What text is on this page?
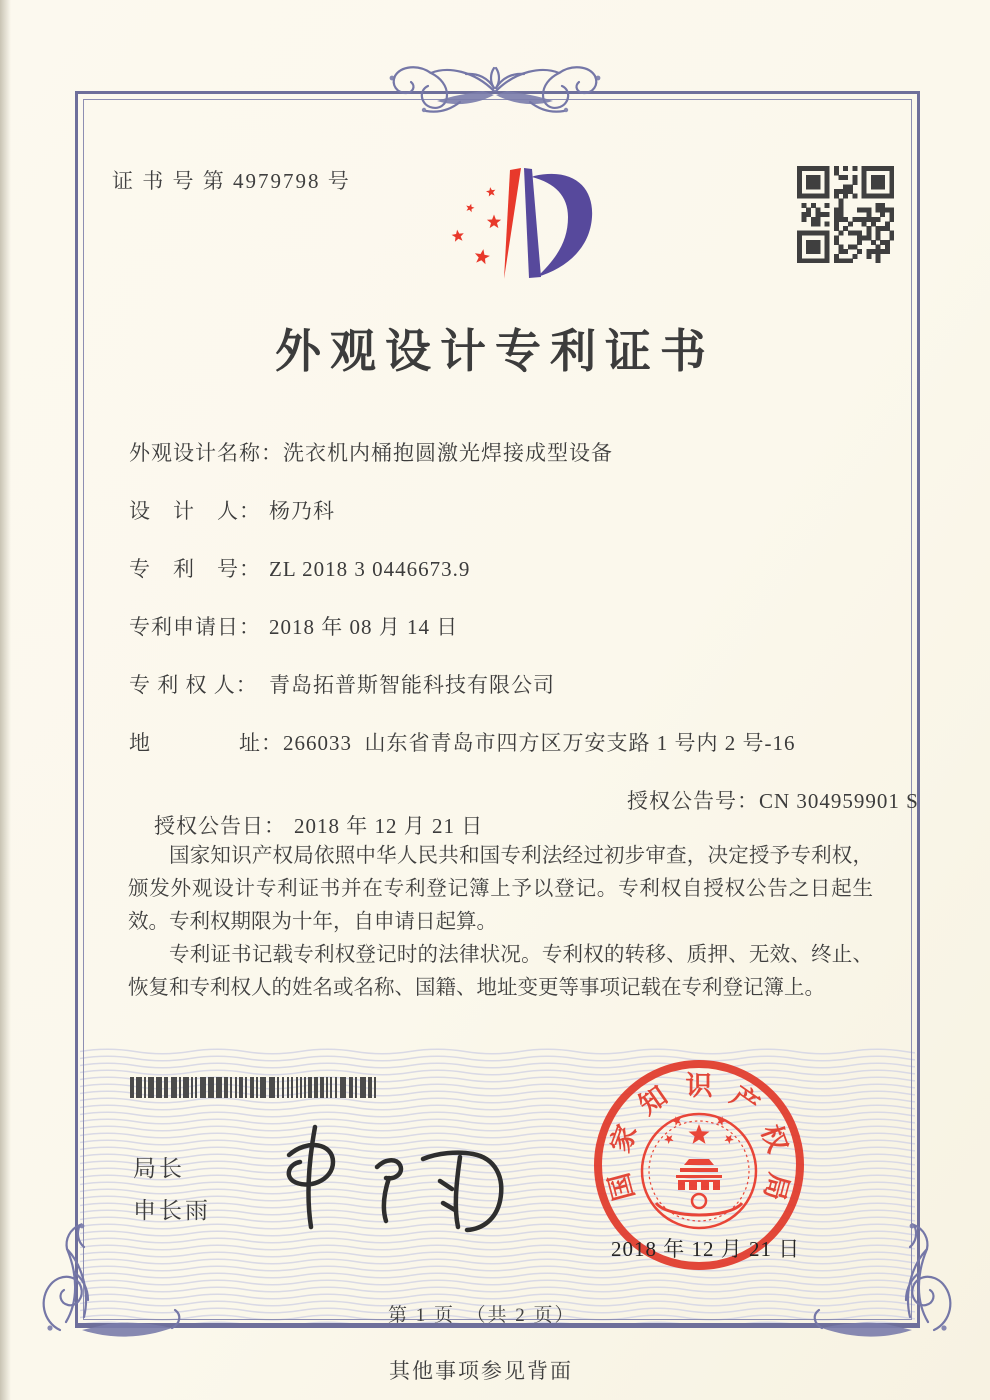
证 书 号 第 4979798 号
外观设计专利证书
外观设计名称：洗衣机内桶抱圆激光焊接成型设备
设　计　人： 杨乃科
专　利　号： ZL 2018 3 0446673.9
专利申请日： 2018 年 08 月 14 日
专 利 权 人： 青岛拓普斯智能科技有限公司
地　　　　址：266033  山东省青岛市四方区万安支路 1 号内 2 号-16

授权公告日： 2018 年 12 月 21 日

授权公告号：CN 304959901 S

国家知识产权局依照中华人民共和国专利法经过初步审查，决定授予专利权，颁发外观设计专利证书并在专利登记簿上予以登记。专利权自授权公告之日起生效。专利权期限为十年，自申请日起算。

专利证书记载专利权登记时的法律状况。专利权的转移、质押、无效、终止、恢复和专利权人的姓名或名称、国籍、地址变更等事项记载在专利登记簿上。

局长
申长雨
国
家
知 识 产
权
局
2018 年 12 月 21 日
第 1 页　（共 2 页）
其他事项参见背面
